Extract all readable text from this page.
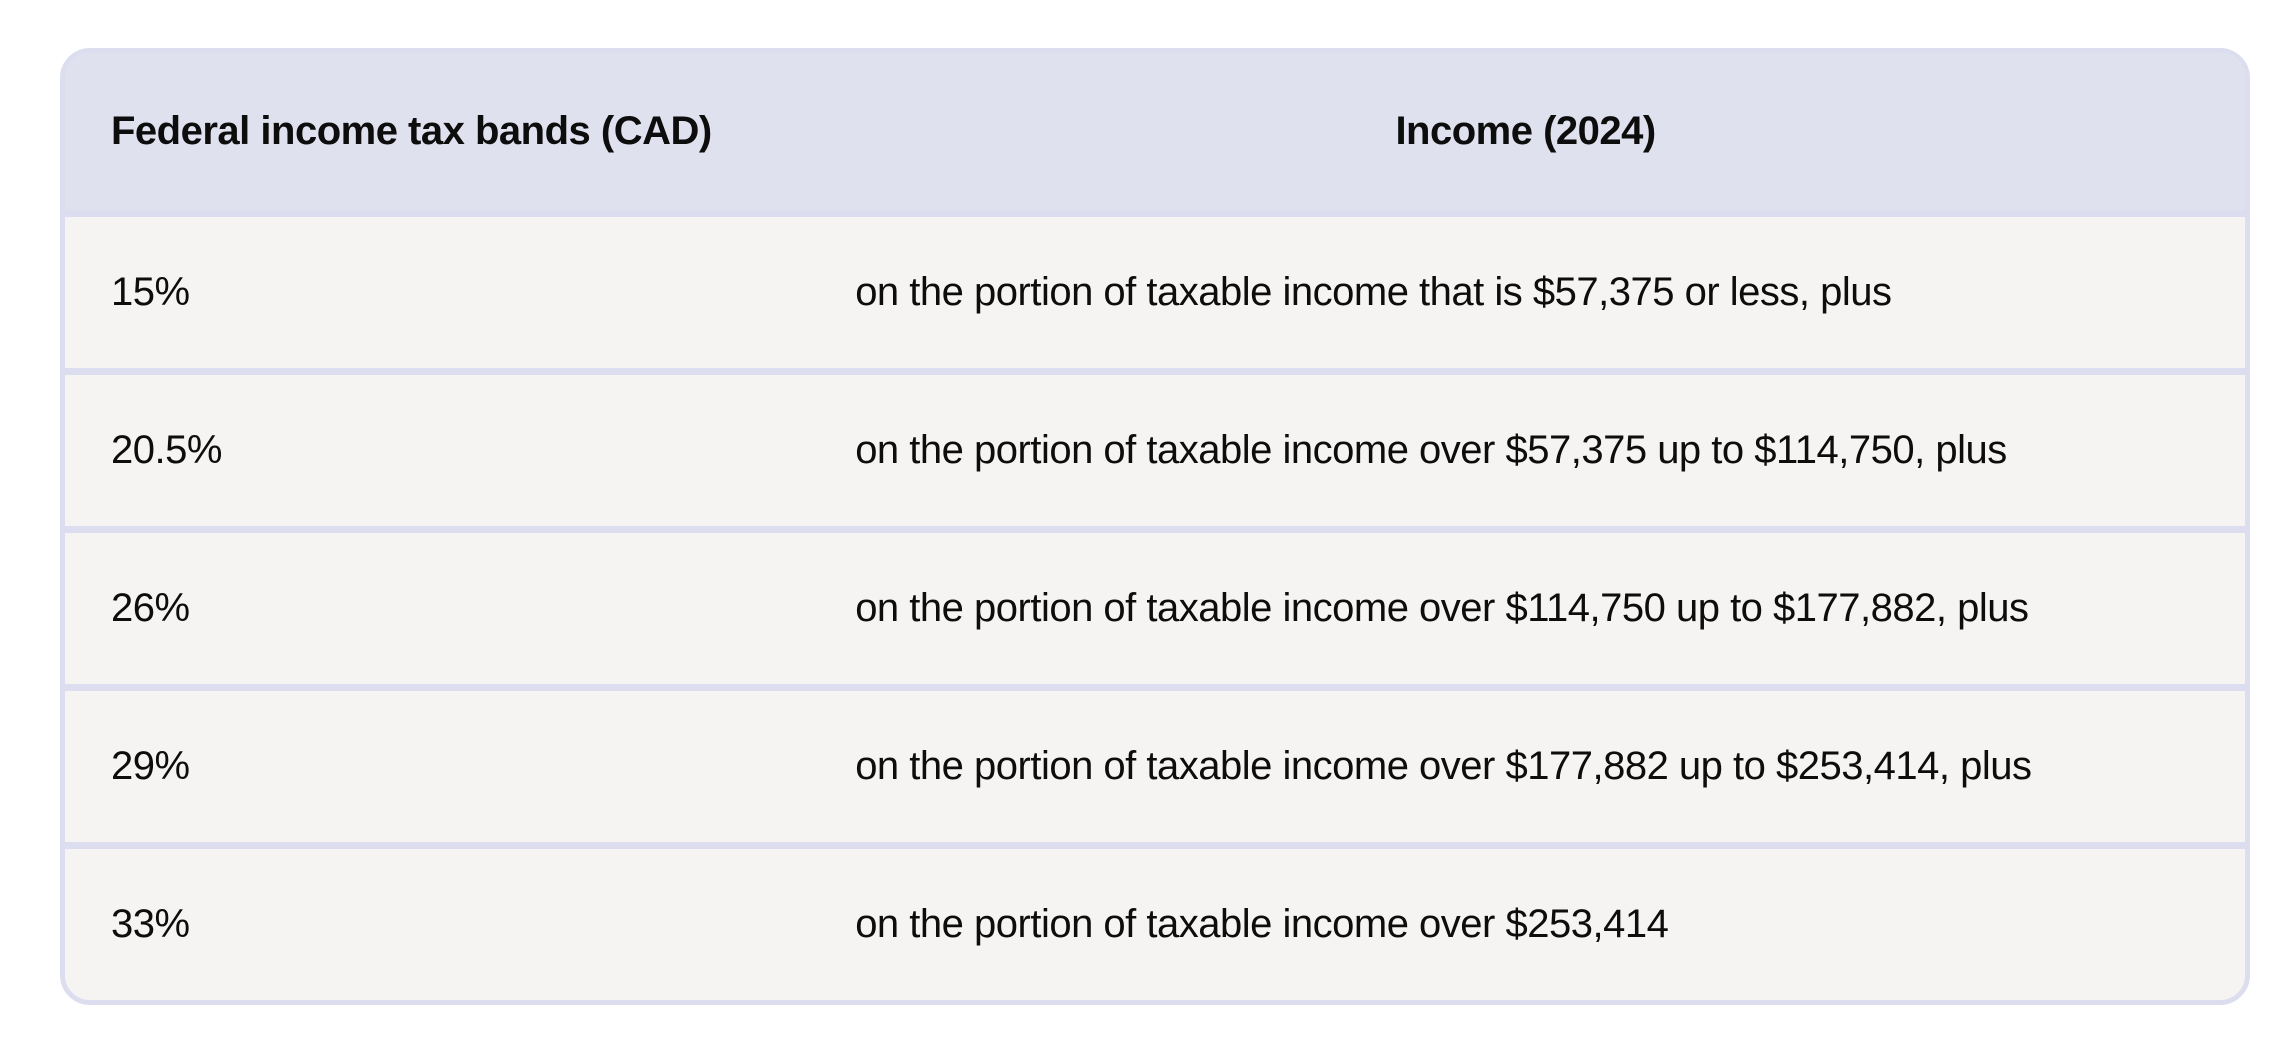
Federal income tax bands (CAD)	Income (2024)
15%	on the portion of taxable income that is $57,375 or less, plus
20.5%	on the portion of taxable income over $57,375 up to $114,750, plus
26%	on the portion of taxable income over $114,750 up to $177,882, plus
29%	on the portion of taxable income over $177,882 up to $253,414, plus
33%	on the portion of taxable income over $253,414
